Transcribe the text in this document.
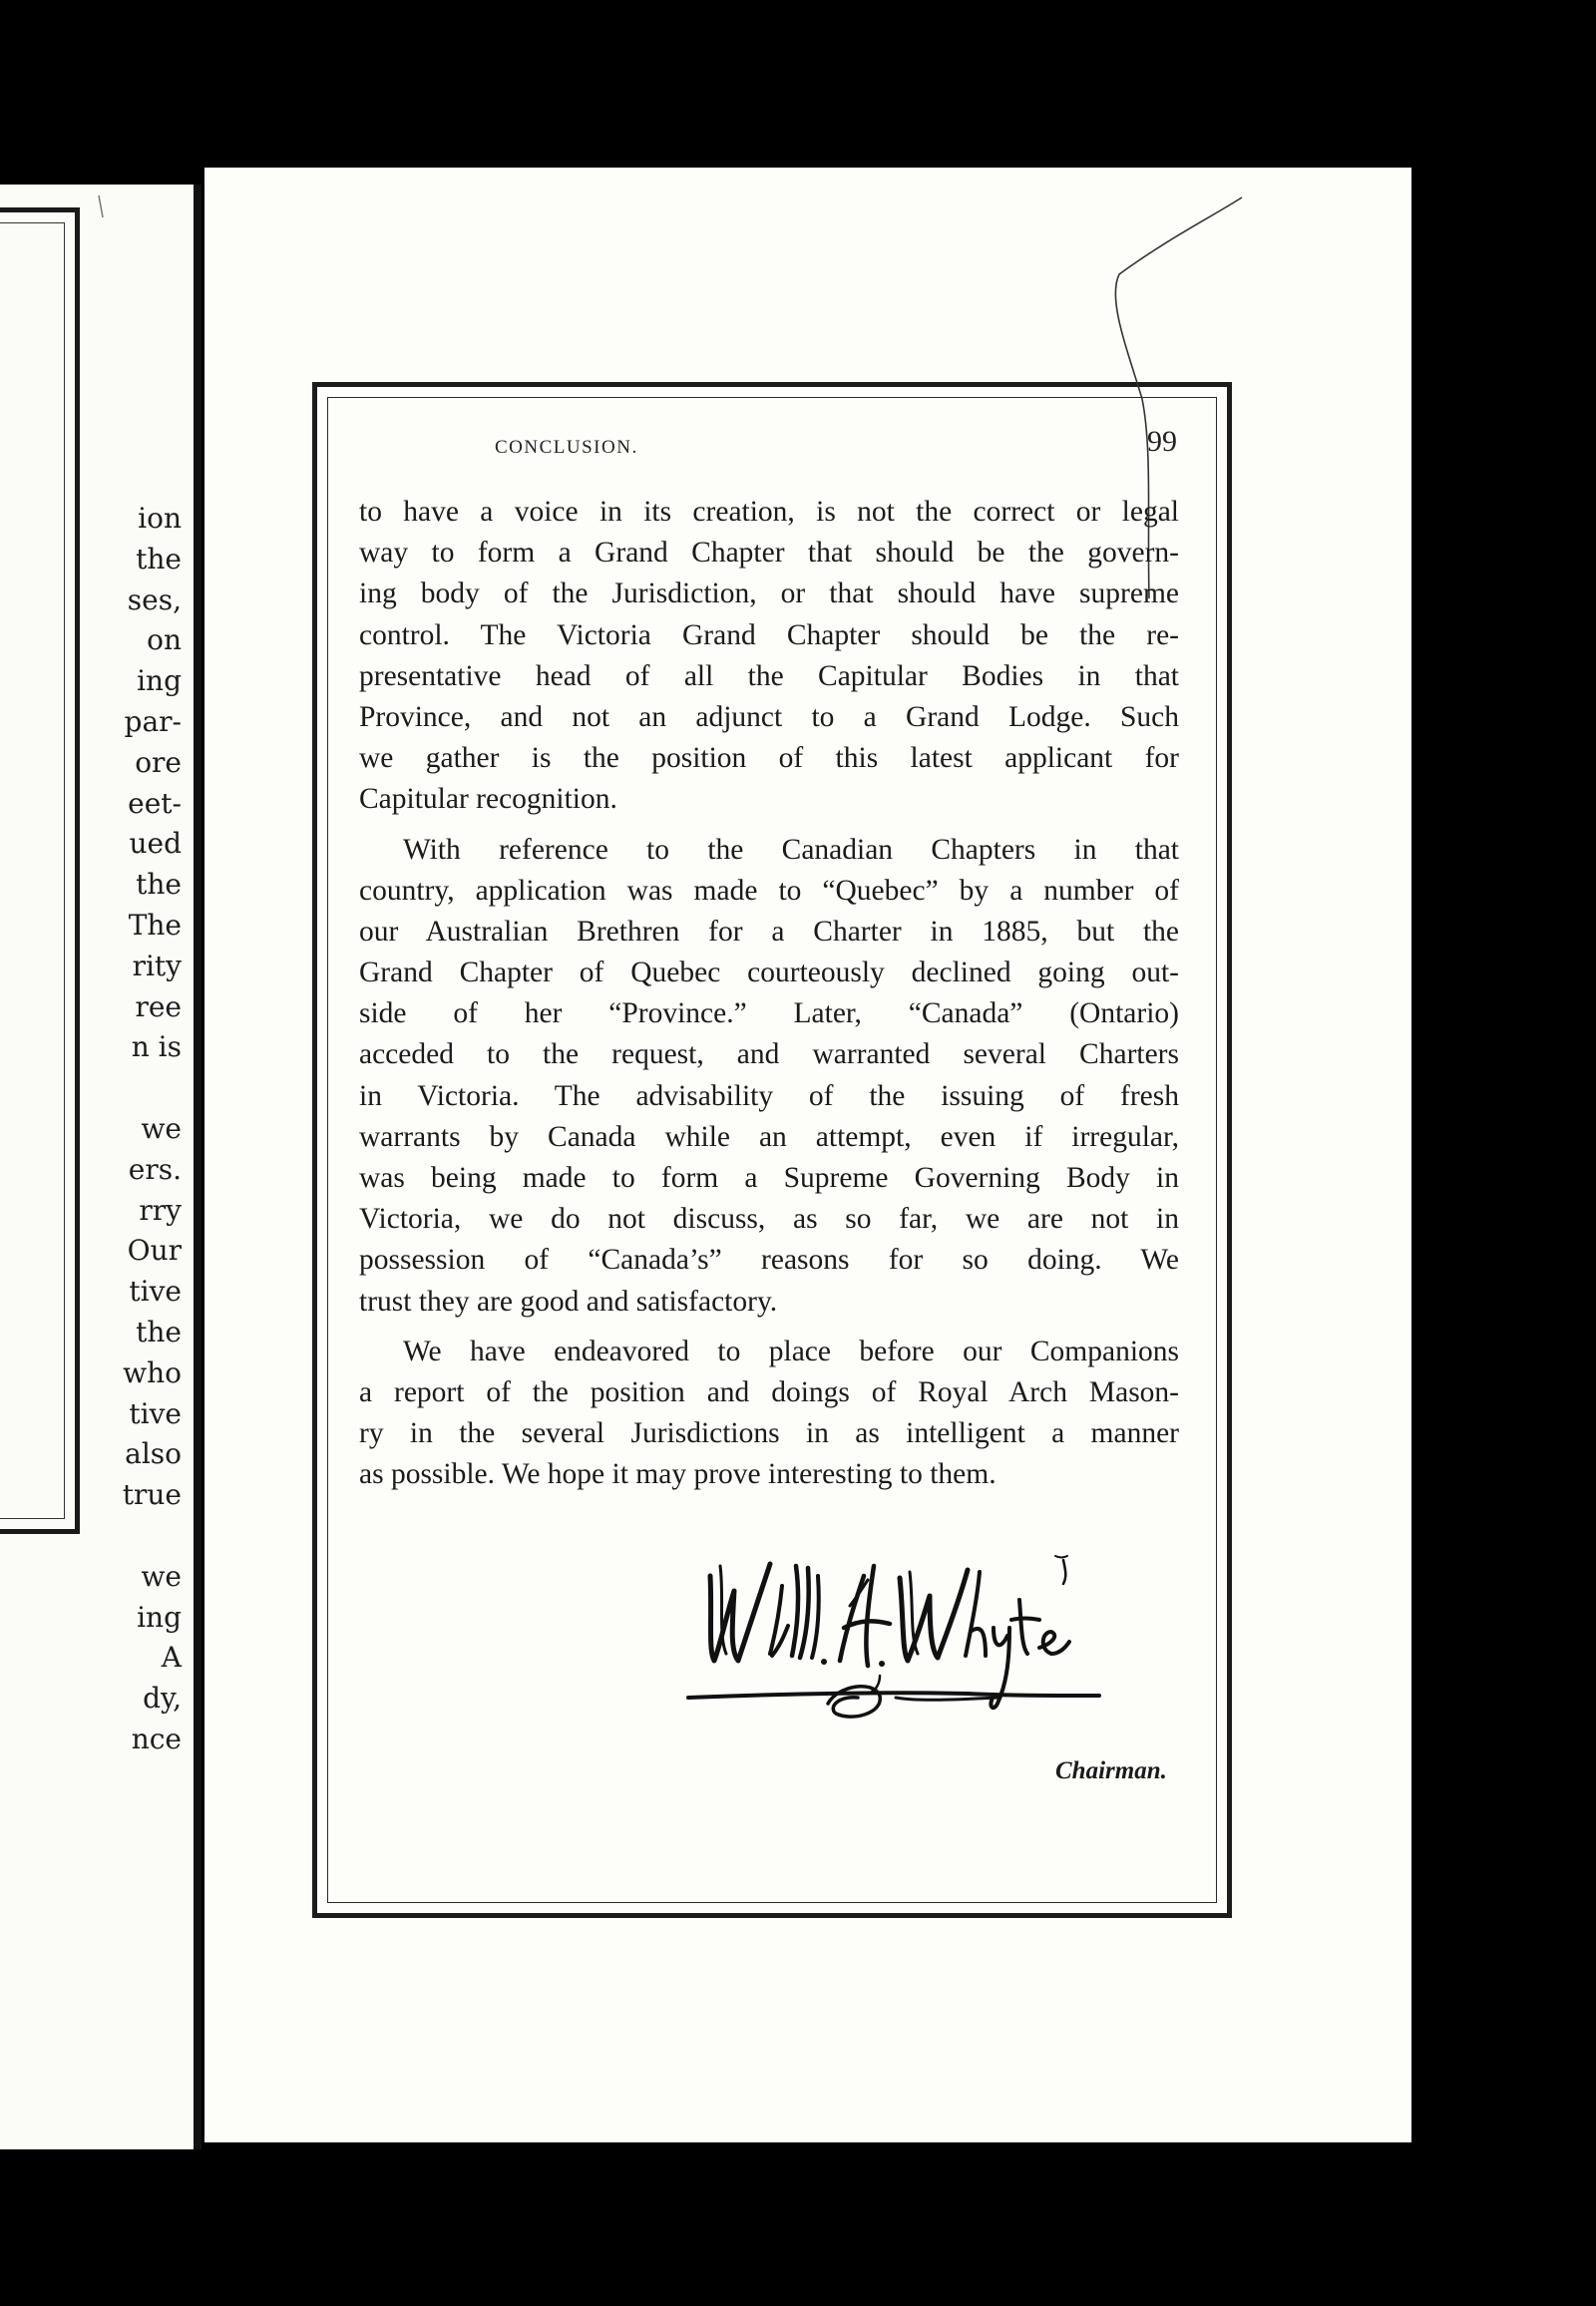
ion
the
ses,
on
ing
par-
ore
eet-
ued
the
The
rity
ree
n is
we
ers.
rry
Our
tive
the
who
tive
also
true
we
ing
A
dy,
nce
CONCLUSION.	99

to have a voice in its creation, is not the correct or legal
way to form a Grand Chapter that should be the govern-
ing body of the Jurisdiction, or that should have supreme
control. The Victoria Grand Chapter should be the re-
presentative head of all the Capitular Bodies in that
Province, and not an adjunct to a Grand Lodge. Such
we gather is the position of this latest applicant for
Capitular recognition.

With reference to the Canadian Chapters in that
country, application was made to “Quebec” by a number of
our Australian Brethren for a Charter in 1885, but the
Grand Chapter of Quebec courteously declined going out-
side of her “Province.” Later, “Canada” (Ontario)
acceded to the request, and warranted several Charters
in Victoria. The advisability of the issuing of fresh
warrants by Canada while an attempt, even if irregular,
was being made to form a Supreme Governing Body in
Victoria, we do not discuss, as so far, we are not in
possession of “Canada’s” reasons for so doing. We
trust they are good and satisfactory.

We have endeavored to place before our Companions
a report of the position and doings of Royal Arch Mason-
ry in the several Jurisdictions in as intelligent a manner
as possible. We hope it may prove interesting to them.

Chairman.
